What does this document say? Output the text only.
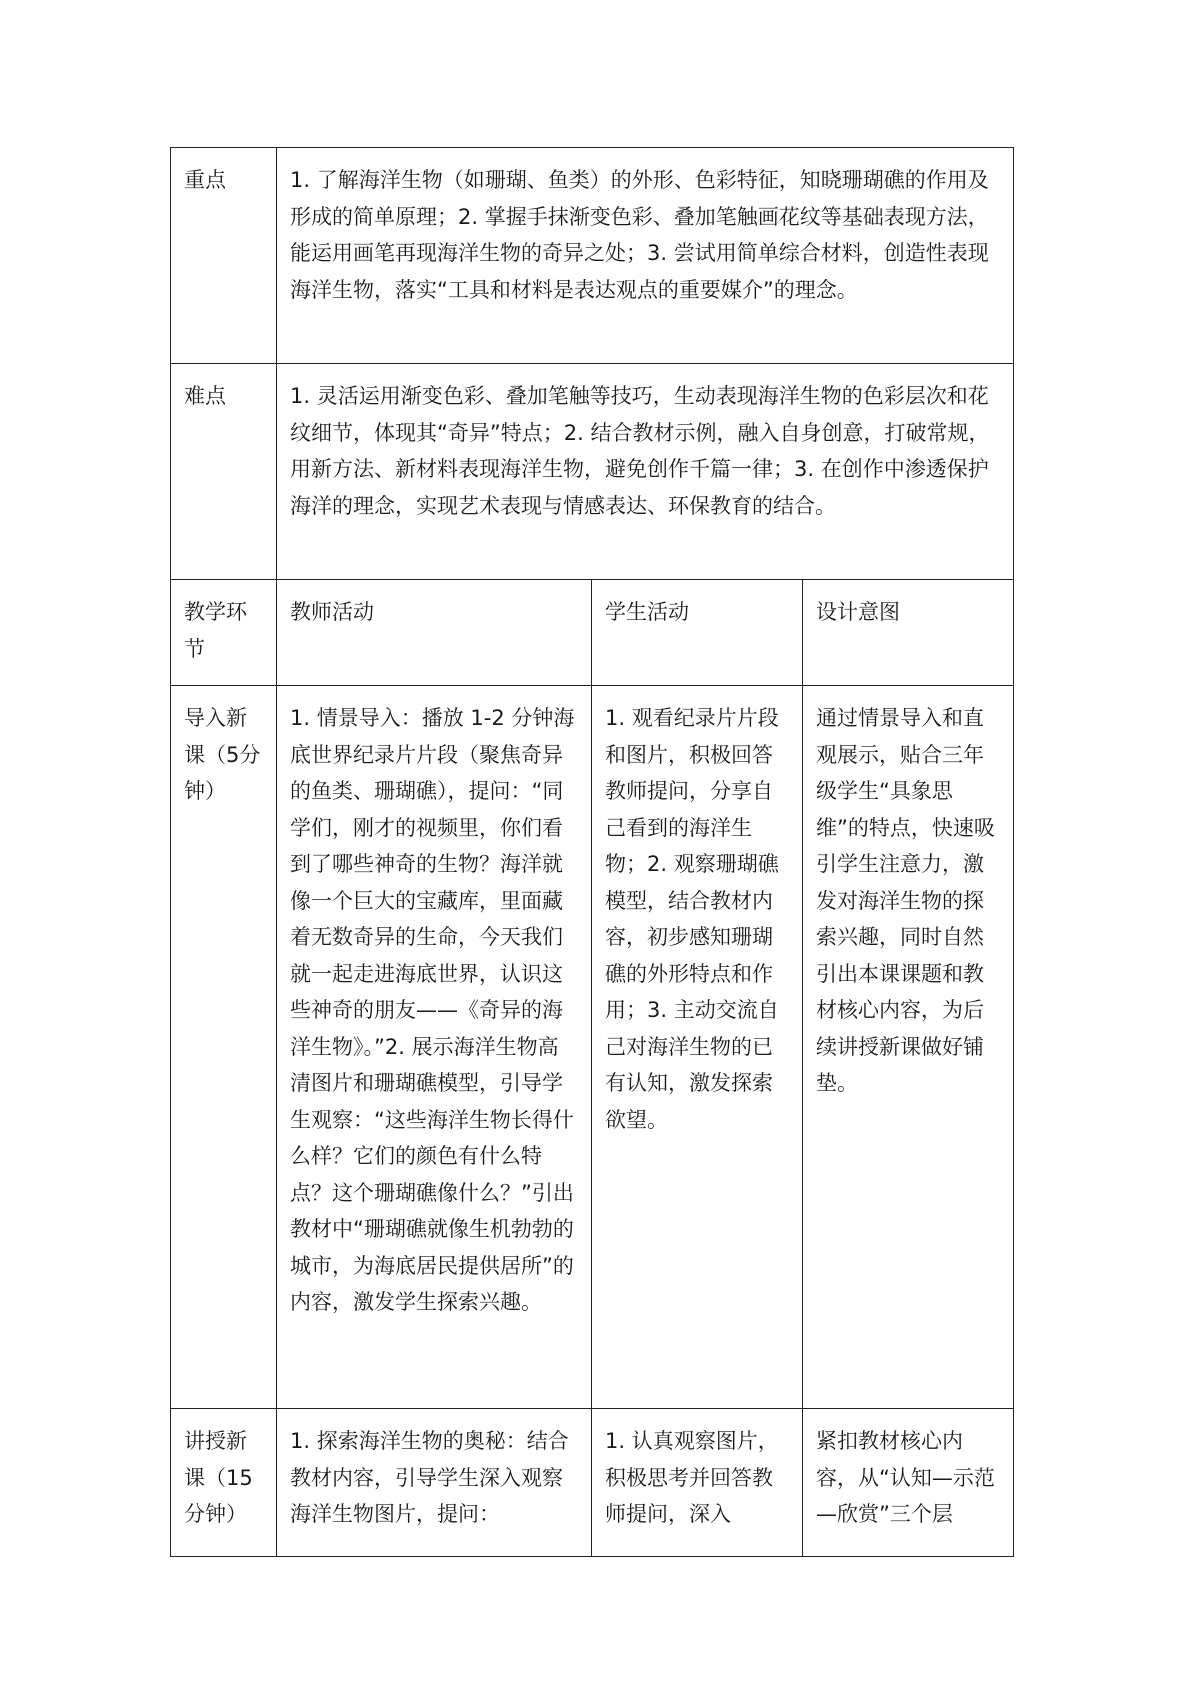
重点	1. 了解海洋生物（如珊瑚、鱼类）的外形、色彩特征，知晓珊瑚礁的作用及形成的简单原理；2. 掌握手抹渐变色彩、叠加笔触画花纹等基础表现方法，能运用画笔再现海洋生物的奇异之处；3. 尝试用简单综合材料，创造性表现海洋生物，落实“工具和材料是表达观点的重要媒介”的理念。		
难点	1. 灵活运用渐变色彩、叠加笔触等技巧，生动表现海洋生物的色彩层次和花纹细节，体现其“奇异”特点；2. 结合教材示例，融入自身创意，打破常规，用新方法、新材料表现海洋生物，避免创作千篇一律；3. 在创作中渗透保护海洋的理念，实现艺术表现与情感表达、环保教育的结合。		
教学环节	教师活动	学生活动	设计意图
导入新课（5分钟）	1. 情景导入：播放 1-2 分钟海底世界纪录片片段（聚焦奇异的鱼类、珊瑚礁），提问：“同学们，刚才的视频里，你们看到了哪些神奇的生物？海洋就像一个巨大的宝藏库，里面藏着无数奇异的生命，今天我们就一起走进海底世界，认识这些神奇的朋友——《奇异的海洋生物》。”2. 展示海洋生物高清图片和珊瑚礁模型，引导学生观察：“这些海洋生物长得什么样？它们的颜色有什么特点？这个珊瑚礁像什么？”引出教材中“珊瑚礁就像生机勃勃的城市，为海底居民提供居所”的内容，激发学生探索兴趣。	1. 观看纪录片片段和图片，积极回答教师提问，分享自己看到的海洋生物；2. 观察珊瑚礁模型，结合教材内容，初步感知珊瑚礁的外形特点和作用；3. 主动交流自己对海洋生物的已有认知，激发探索欲望。	通过情景导入和直观展示，贴合三年级学生“具象思维”的特点，快速吸引学生注意力，激发对海洋生物的探索兴趣，同时自然引出本课课题和教材核心内容，为后续讲授新课做好铺垫。
讲授新课（15分钟）	1. 探索海洋生物的奥秘：结合教材内容，引导学生深入观察海洋生物图片，提问：	1. 认真观察图片，积极思考并回答教师提问，深入	紧扣教材核心内容，从“认知—示范—欣赏”三个层
